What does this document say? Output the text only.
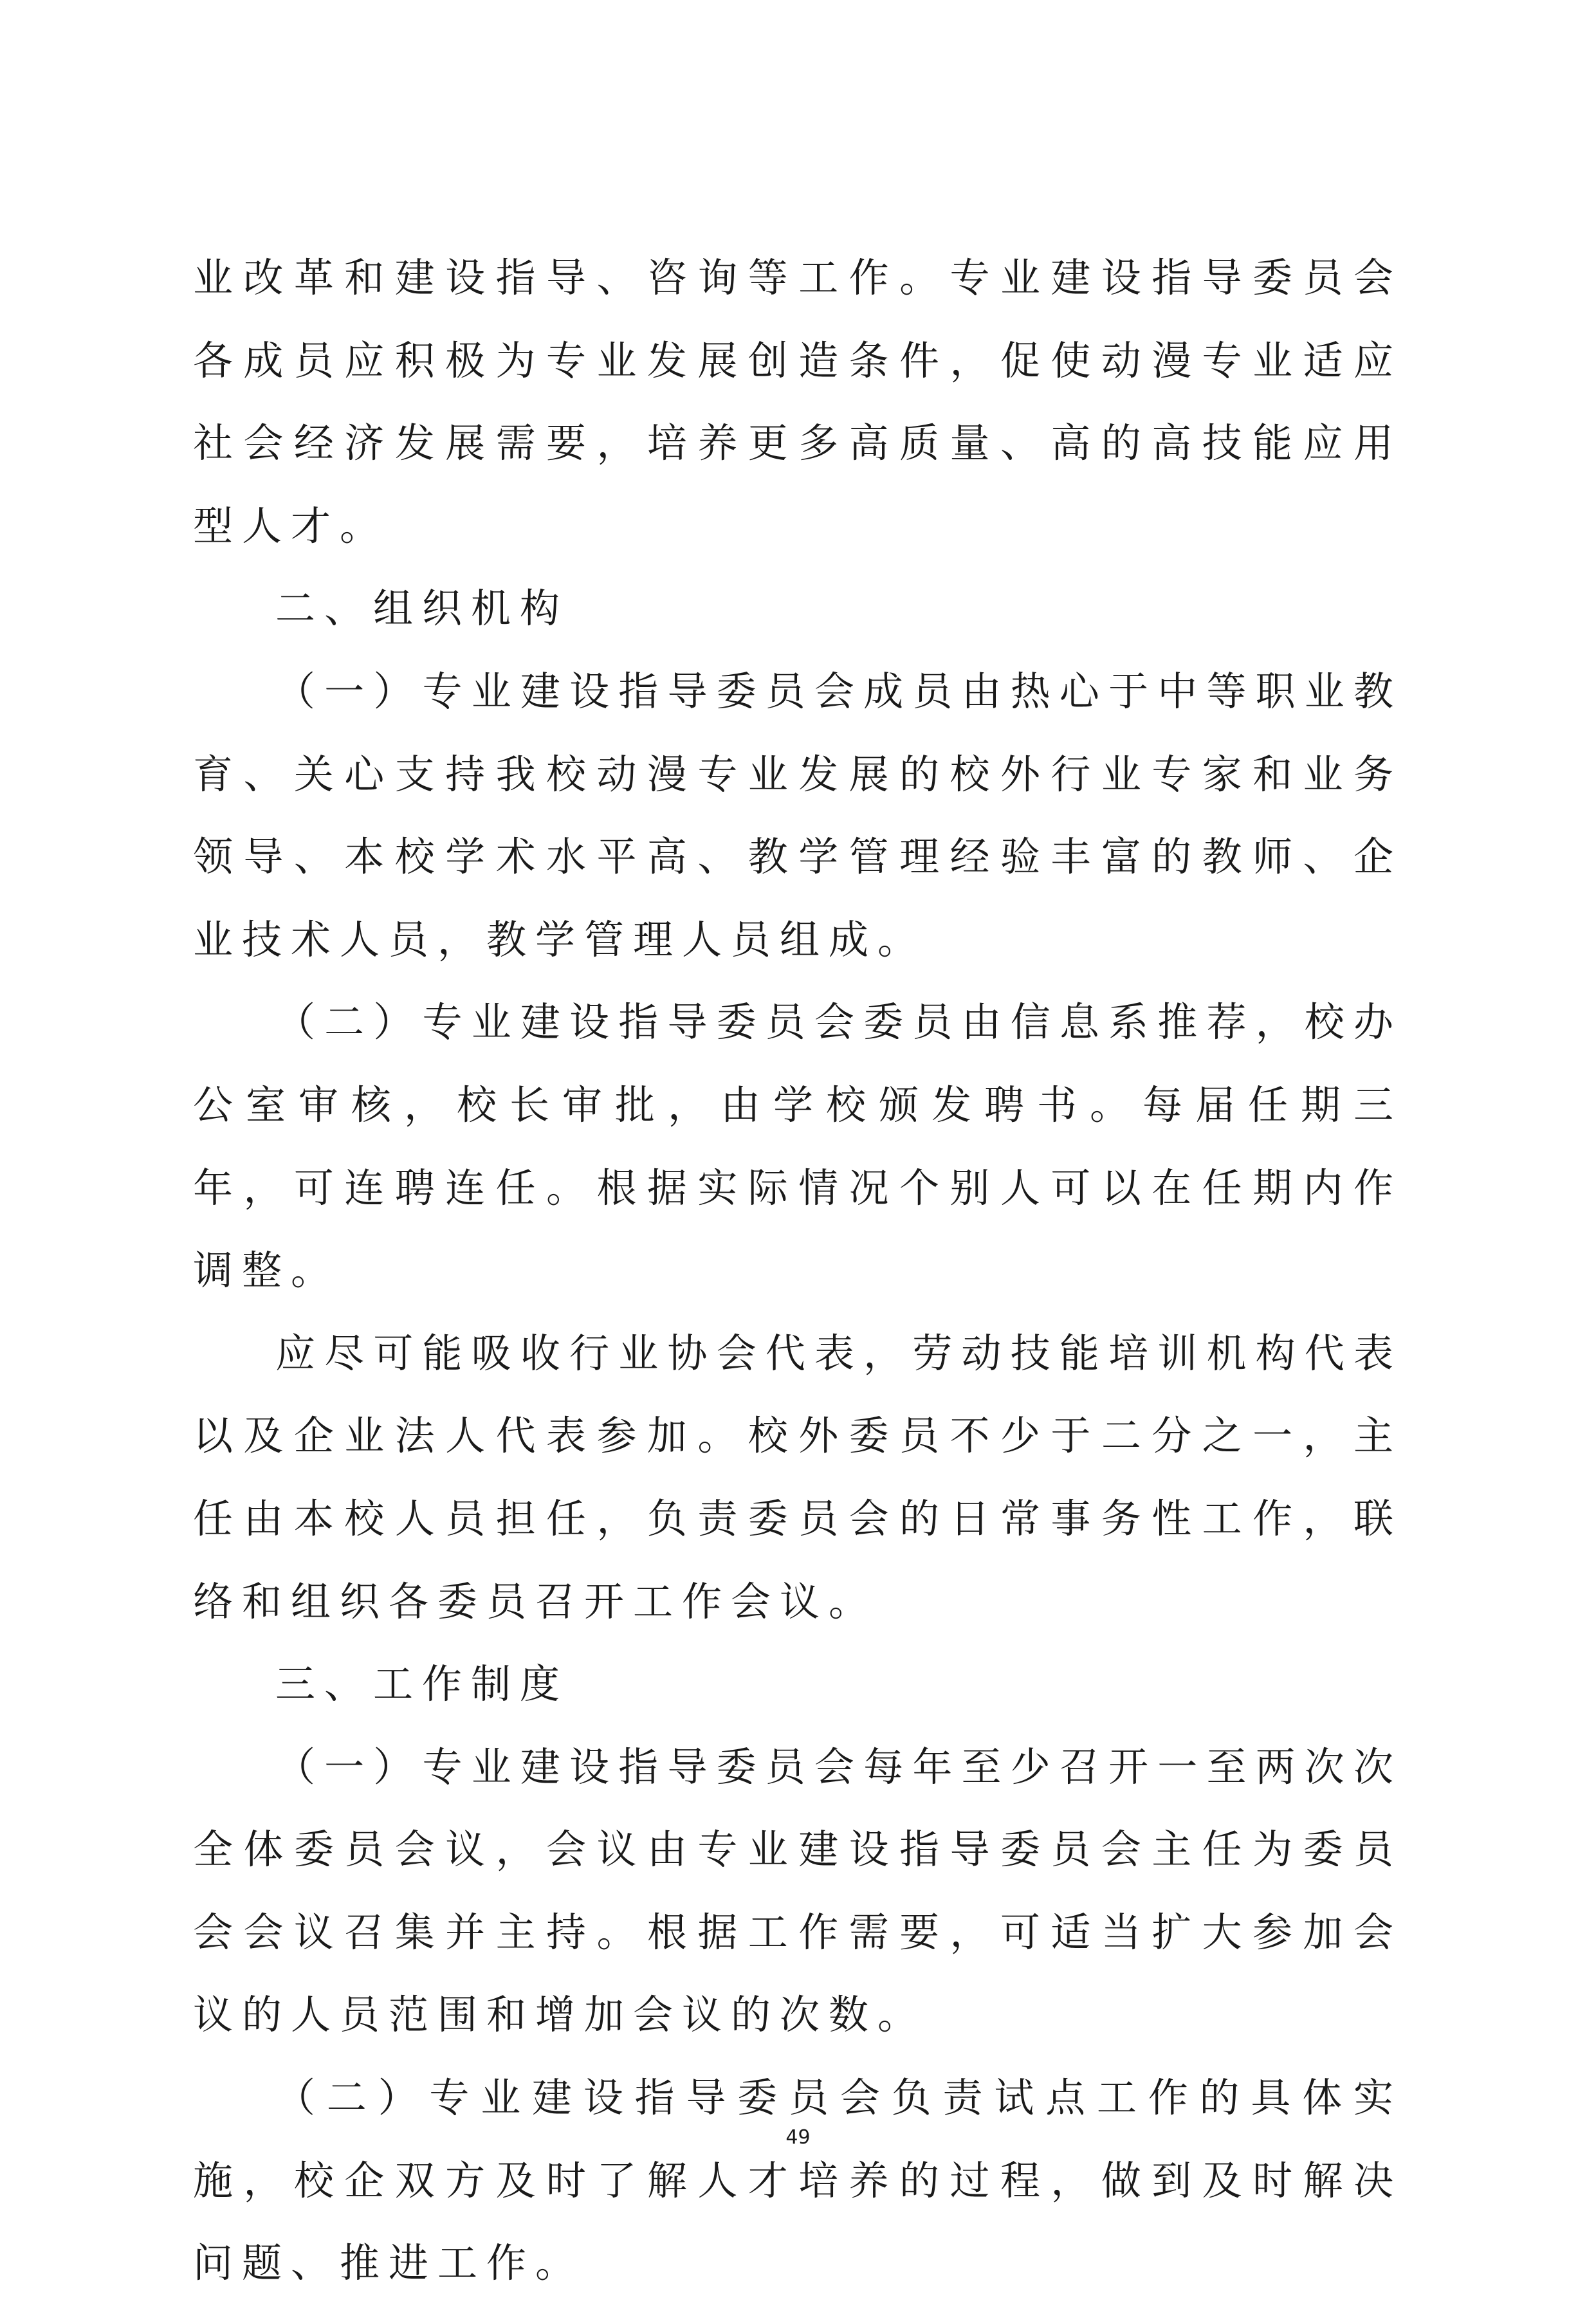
业改革和建设指导、咨询等工作。专业建设指导委员会各成员应积极为专业发展创造条件，促使动漫专业适应社会经济发展需要，培养更多高质量、高的高技能应用型人才。

二、组织机构

（一）专业建设指导委员会成员由热心于中等职业教育、关心支持我校动漫专业发展的校外行业专家和业务领导、本校学术水平高、教学管理经验丰富的教师、企业技术人员，教学管理人员组成。

（二）专业建设指导委员会委员由信息系推荐，校办公室审核，校长审批，由学校颁发聘书。每届任期三年，可连聘连任。根据实际情况个别人可以在任期内作调整。

应尽可能吸收行业协会代表，劳动技能培训机构代表以及企业法人代表参加。校外委员不少于二分之一，主任由本校人员担任，负责委员会的日常事务性工作，联络和组织各委员召开工作会议。

三、工作制度

（一）专业建设指导委员会每年至少召开一至两次次全体委员会议，会议由专业建设指导委员会主任为委员会会议召集并主持。根据工作需要，可适当扩大参加会议的人员范围和增加会议的次数。

（二）专业建设指导委员会负责试点工作的具体实施，校企双方及时了解人才培养的过程，做到及时解决问题、推进工作。

49
